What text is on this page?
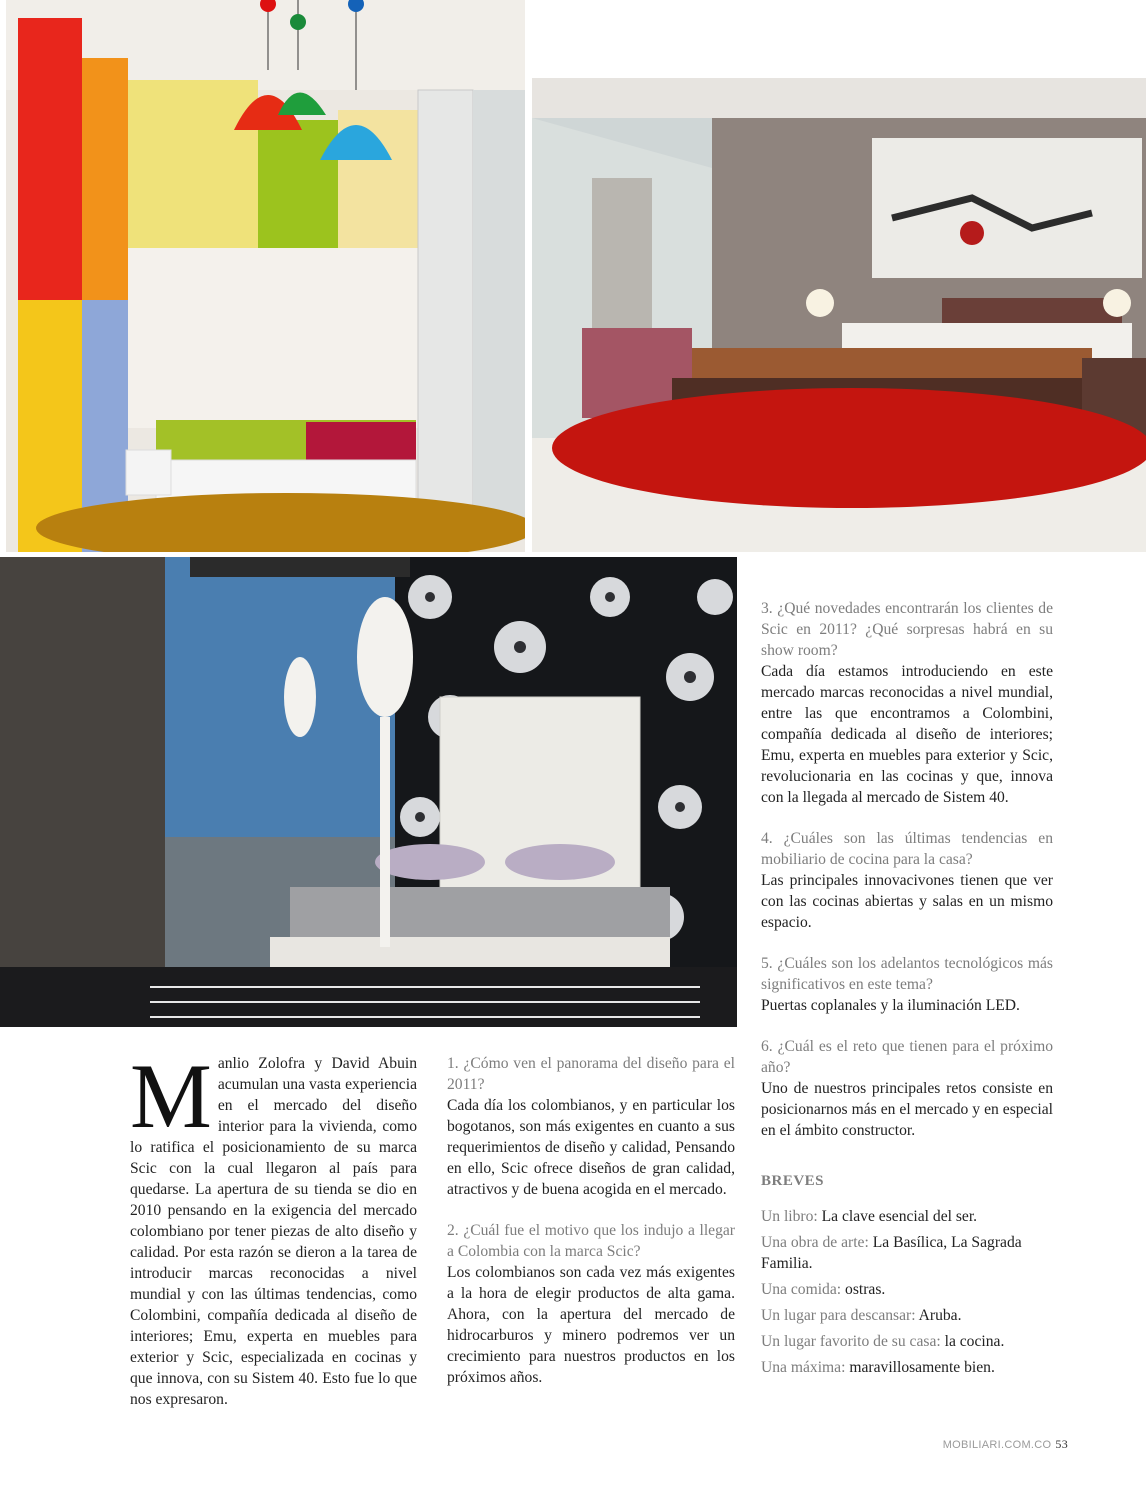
Manlio Zolofra y David Abuin acumulan una vasta experiencia en el mercado del diseño interior para la vivienda, como lo ratifica el posicionamiento de su marca Scic con la cual llegaron al país para quedarse. La apertura de su tienda se dio en 2010 pensando en la exigencia del mercado colombiano por tener piezas de alto diseño y calidad. Por esta razón se dieron a la tarea de introducir marcas reconocidas a nivel mundial y con las últimas tendencias, como Colombini, compañía dedicada al diseño de interiores; Emu, experta en muebles para exterior y Scic, especializada en cocinas y que innova, con su Sistem 40. Esto fue lo que nos expresaron.

1. ¿Cómo ven el panorama del diseño para el 2011?

Cada día los colombianos, y en particular los bogotanos, son más exigentes en cuanto a sus requerimientos de diseño y calidad, Pensando en ello, Scic ofrece diseños de gran calidad, atractivos y de buena acogida en el mercado.

2. ¿Cuál fue el motivo que los indujo a llegar a Colombia con la marca Scic?

Los colombianos son cada vez más exigentes a la hora de elegir productos de alta gama. Ahora, con la apertura del mercado de hidrocarburos y minero podremos ver un crecimiento para nuestros productos en los próximos años.

3. ¿Qué novedades encontrarán los clientes de Scic en 2011? ¿Qué sorpresas habrá en su show room?

Cada día estamos introduciendo en este mercado marcas reconocidas a nivel mundial, entre las que encontramos a Colombini, compañía dedicada al diseño de interiores; Emu, experta en muebles para exterior y Scic, revolucionaria en las cocinas y que, innova con la llegada al mercado de Sistem 40.

4. ¿Cuáles son las últimas tendencias en mobiliario de cocina para la casa?

Las principales innovacivones tienen que ver con las cocinas abiertas y salas en un mismo espacio.

5. ¿Cuáles son los adelantos tecnológicos más significativos en este tema?

Puertas coplanales y la iluminación LED.

6. ¿Cuál es el reto que tienen para el próximo año?

Uno de nuestros principales retos consiste en posicionarnos más en el mercado y en especial en el ámbito constructor.

BREVES

Un libro: La clave esencial del ser.

Una obra de arte: La Basílica, La Sagrada Familia.

Una comida: ostras.

Un lugar para descansar: Aruba.

Un lugar favorito de su casa: la cocina.

Una máxima: maravillosamente bien.

MOBILIARI.COM.CO 53
